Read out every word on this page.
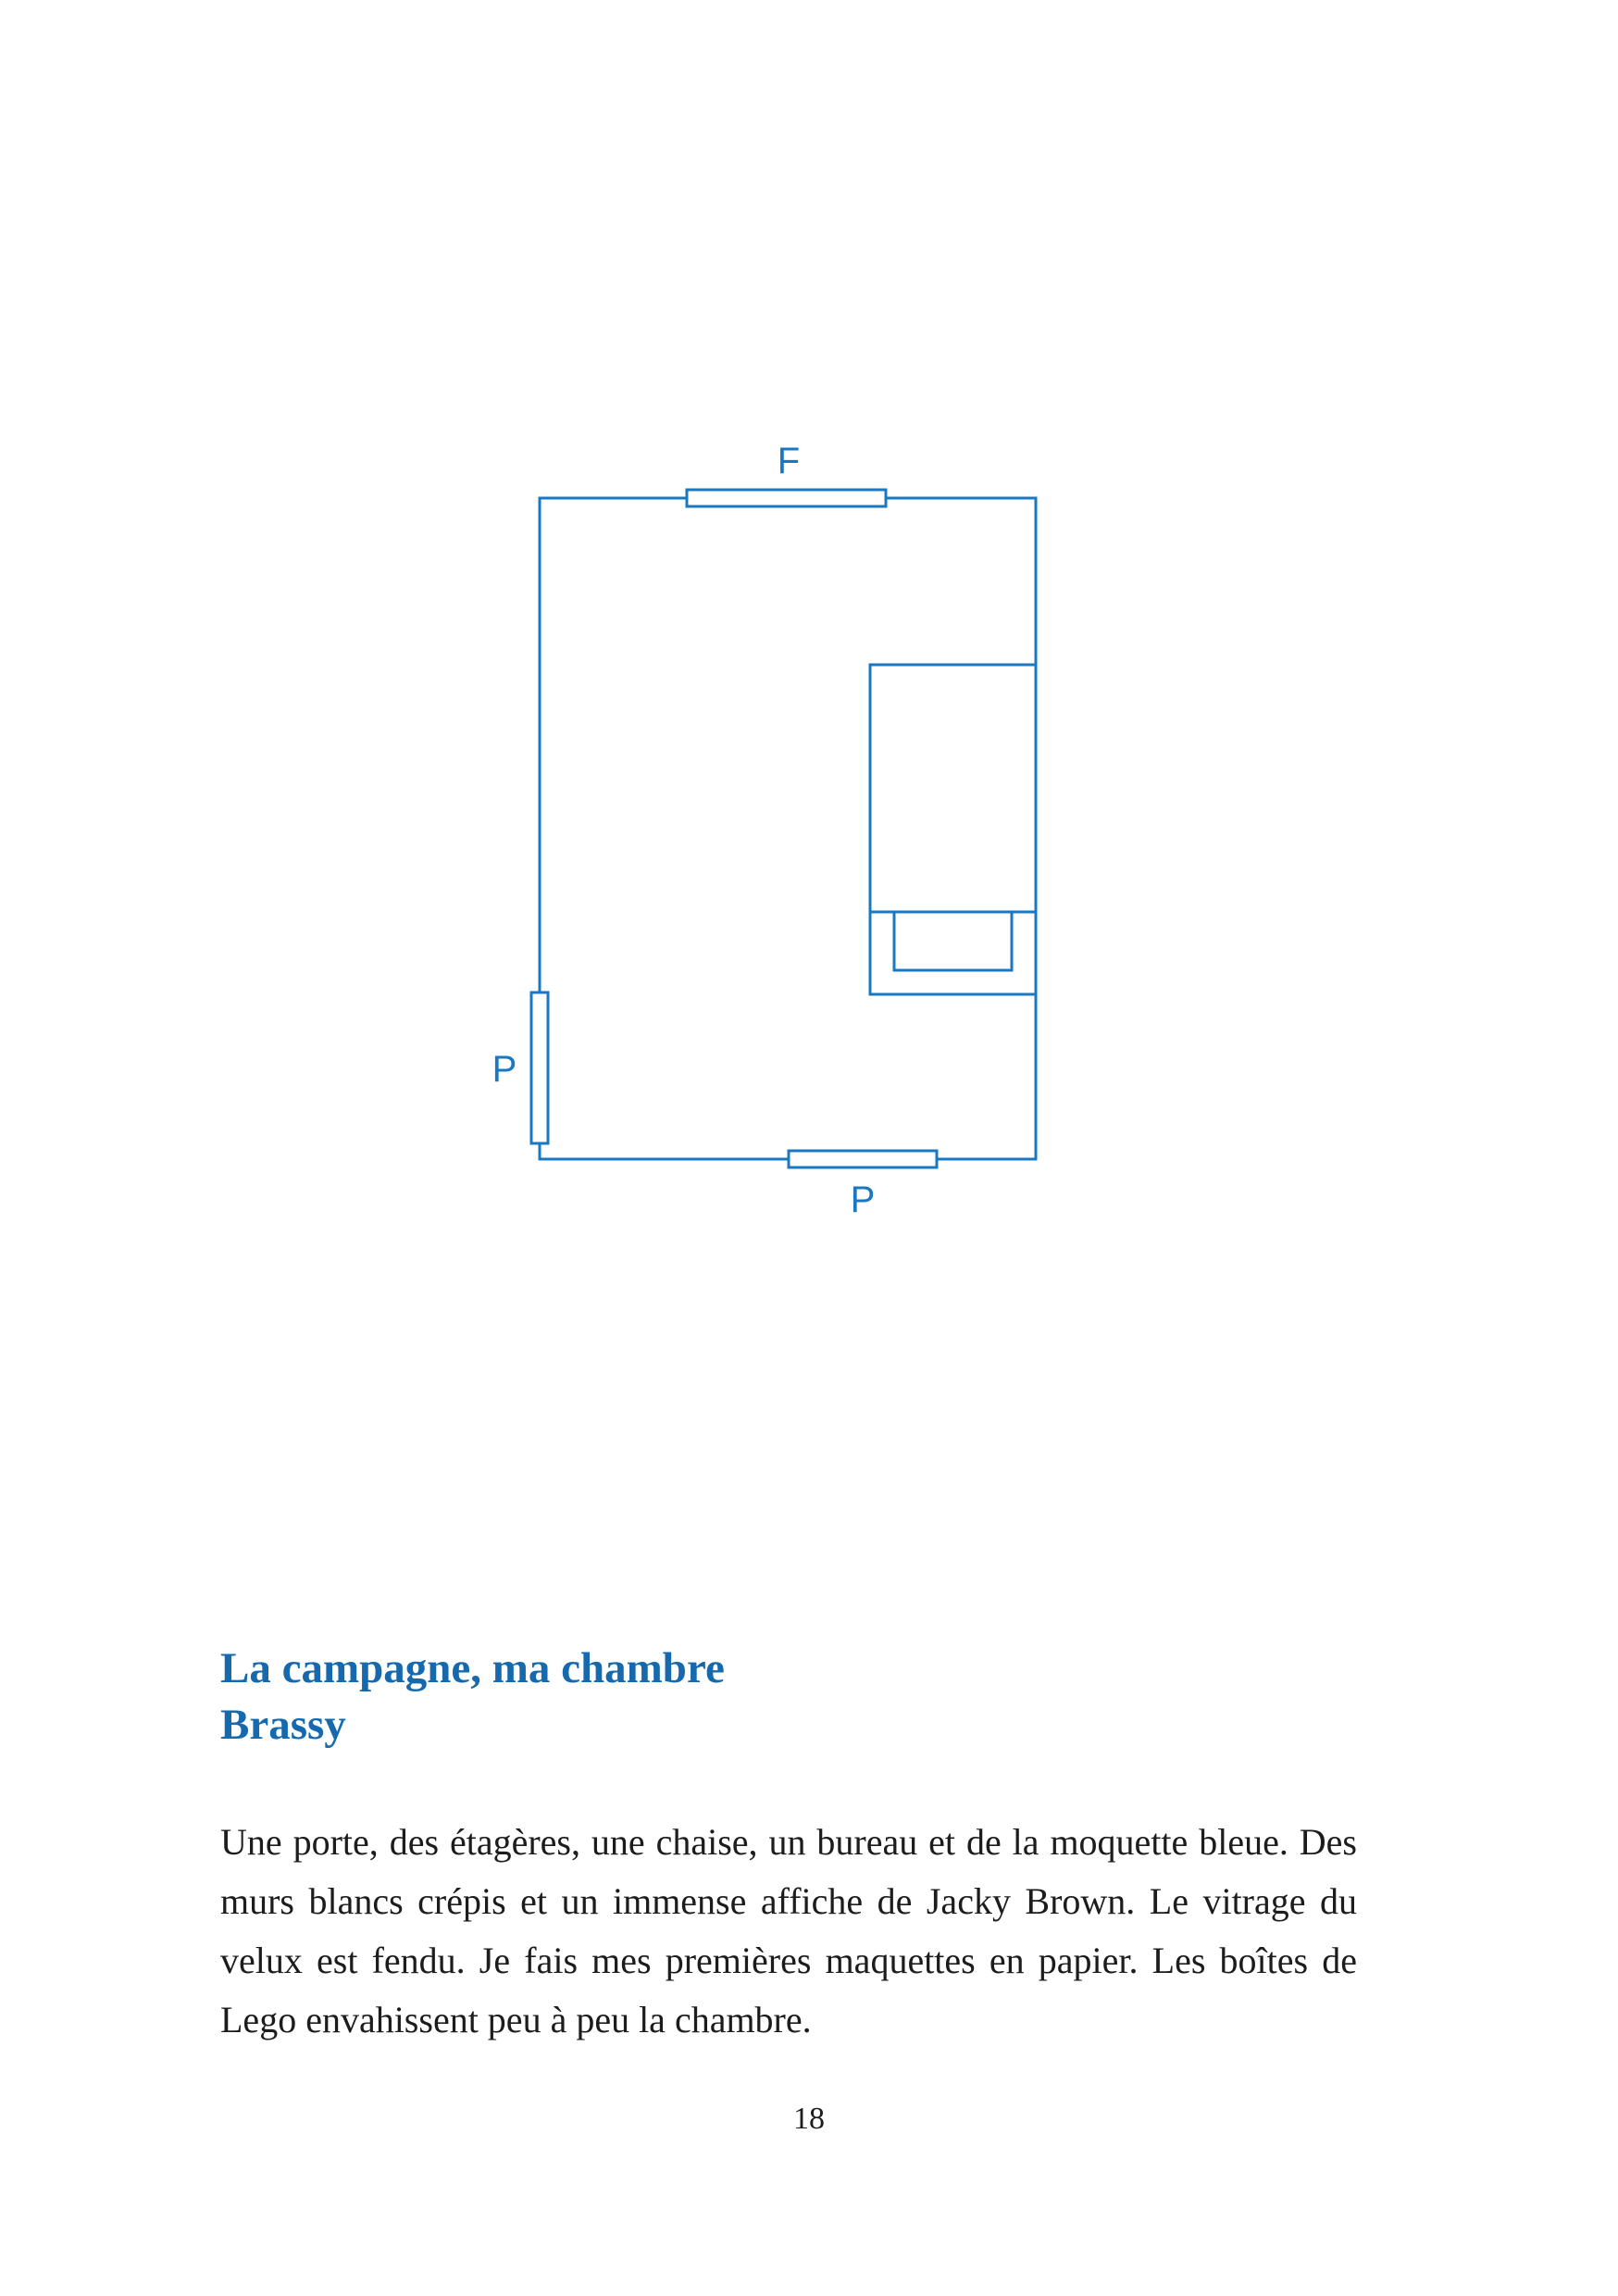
F
P
P
La campagne, ma chambre
Brassy

Une porte, des étagères, une chaise, un bureau et de la moquette bleue. Des murs blancs crépis et un immense affiche de Jacky Brown. Le vitrage du velux est fendu. Je fais mes premières maquettes en papier. Les boîtes de Lego envahissent peu à peu la chambre.

18
